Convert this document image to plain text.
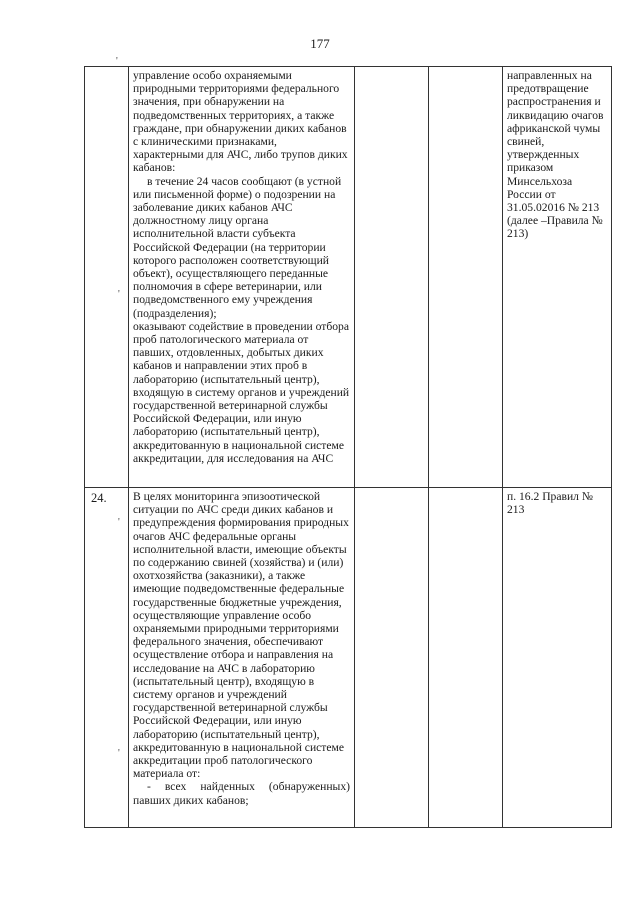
177
'
'
'
'

	управление особо охраняемыми природными территориями федерального значения, при обнаружении на подведомственных территориях, а также граждане, при обнаружении диких кабанов с клиническими признаками, характерными для АЧС, либо трупов диких кабанов:

в течение 24 часов сообщают (в устной или письменной форме) о подозрении на заболевание диких кабанов АЧС должностному лицу органа исполнительной власти субъекта Российской Федерации (на территории которого расположен соответствующий объект), осуществляющего переданные полномочия в сфере ветеринарии, или подведомственного ему учреждения (подразделения);

оказывают содействие в проведении отбора проб патологического материала от павших, отдовленных, добытых диких кабанов и направлении этих проб в лабораторию (испытательный центр), входящую в систему органов и учреждений государственной ветеринарной службы Российской Федерации, или иную лабораторию (испытательный центр), аккредитованную в национальной системе аккредитации, для исследования на АЧС			направленных на предотвращение распространения и ликвидацию очагов африканской чумы свиней, утвержденных приказом Минсельхоза России от 31.05.02016 № 213 (далее –Правила № 213)

24.	В целях мониторинга эпизоотической ситуации по АЧС среди диких кабанов и предупреждения формирования природных очагов АЧС федеральные органы исполнительной власти, имеющие объекты по содержанию свиней (хозяйства) и (или) охотхозяйства (заказники), а также имеющие подведомственные федеральные государственные бюджетные учреждения, осуществляющие управление особо охраняемыми природными территориями федерального значения, обеспечивают осуществление отбора и направления на исследование на АЧС в лабораторию (испытательный центр), входящую в систему органов и учреждений государственной ветеринарной службы Российской Федерации, или иную лабораторию (испытательный центр), аккредитованную в национальной системе аккредитации проб патологического материала от:

- всех найденных (обнаруженных)

павших диких кабанов;			п. 16.2 Правил № 213
